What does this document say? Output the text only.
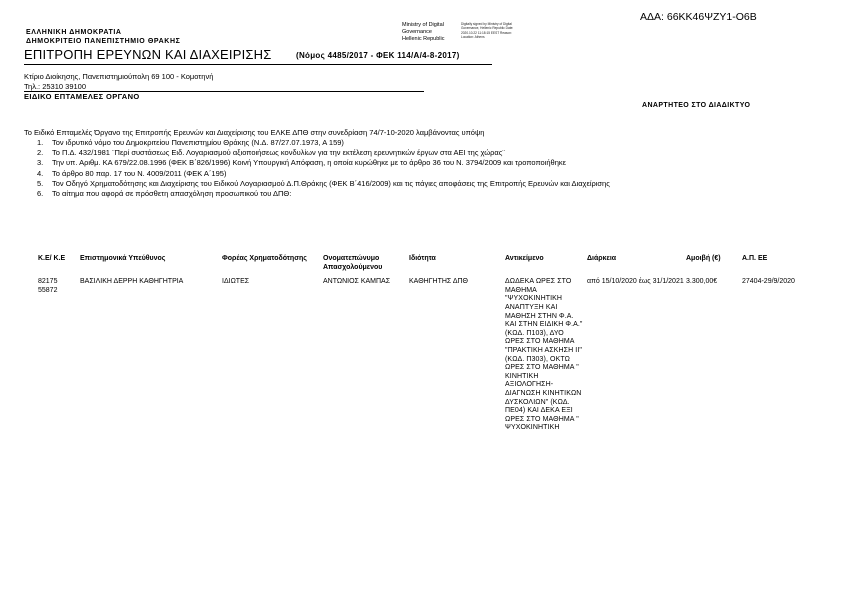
ΑΔΑ: 66ΚΚ46ΨΖΥ1-Ο6Β
ΕΛΛΗΝΙΚΗ ΔΗΜΟΚΡΑΤΙΑ
ΔΗΜΟΚΡΙΤΕΙΟ ΠΑΝΕΠΙΣΤΗΜΙΟ ΘΡΑΚΗΣ
ΕΠΙΤΡΟΠΗ ΕΡΕΥΝΩΝ ΚΑΙ ΔΙΑΧΕΙΡΙΣΗΣ	(Νόμος 4485/2017 - ΦΕΚ 114/Α/4-8-2017)
Ministry of Digital
Governance
Hellenic Republic
Digitally signed by Ministry of Digital Governance, Hellenic Republic Date: 2020.10.22 11:18:15 EEST Reason: Location: Athens
Κτίριο Διοίκησης, Πανεπιστημιούπολη 69 100 - Κομοτηνή
Τηλ.: 25310 39100
ΕΙΔΙΚΟ ΕΠΤΑΜΕΛΕΣ ΟΡΓΑΝΟ
ΑΝΑΡΤΗΤΕΟ ΣΤΟ ΔΙΑΔΙΚΤΥΟ
Το Ειδικό Επταμελές Όργανο της Επιτροπής Ερευνών και Διαχείρισης του ΕΛΚΕ ΔΠΘ στην συνεδρίαση 74/7-10-2020 λαμβάνοντας υπόψη
1. Τον ιδρυτικό νόμο του Δημοκριτείου Πανεπιστημίου Θράκης (Ν.Δ. 87/27.07.1973, Α 159)
2. Το Π.Δ. 432/1981 ¨Περί συστάσεως Ειδ. Λογαριασμού αξιοποιήσεως κονδυλίων για την εκτέλεση ερευνητικών έργων στα ΑΕΙ της χώρας¨
3. Την υπ. Αριθμ. ΚΑ 679/22.08.1996 (ΦΕΚ Β΄826/1996) Κοινή Υπουργική Απόφαση, η οποία κυρώθηκε με το άρθρο 36 του Ν. 3794/2009 και τροποποιήθηκε
4. Το άρθρο 80 παρ. 17 του Ν. 4009/2011 (ΦΕΚ Α΄195)
5. Τον Οδηγό Χρηματοδότησης και Διαχείρισης του Ειδικού Λογαριασμού Δ.Π.Θράκης (ΦΕΚ Β΄416/2009) και τις πάγιες αποφάσεις της Επιτροπής Ερευνών και Διαχείρισης
6. Το αίτημα που αφορά σε πρόσθετη απασχόληση προσωπικού του ΔΠΘ:
Κ.Ε/ Κ.Ε	Επιστημονικά Υπεύθυνος	Φορέας Χρηματοδότησης	Ονοματεπώνυμο Απασχολούμενου	Ιδιότητα	Αντικείμενο	Διάρκεια	Αμοιβή (€)	Α.Π. ΕΕ
82175 55872	ΒΑΣΙΛΙΚΗ ΔΕΡΡΗ ΚΑΘΗΓΗΤΡΙΑ	ΙΔΙΩΤΕΣ	ΑΝΤΩΝΙΟΣ ΚΑΜΠΑΣ	ΚΑΘΗΓΗΤΗΣ ΔΠΘ	ΔΩΔΕΚΑ ΩΡΕΣ ΣΤΟ ΜΑΘΗΜΑ "ΨΥΧΟΚΙΝΗΤΙΚΗ ΑΝΑΠΤΥΞΗ ΚΑΙ ΜΑΘΗΣΗ ΣΤΗΝ Φ.Α. ΚΑΙ ΣΤΗΝ ΕΙΔΙΚΗ Φ.Α." (ΚΩΔ. Π103), ΔΥΟ ΩΡΕΣ ΣΤΟ ΜΑΘΗΜΑ "ΠΡΑΚΤΙΚΗ ΑΣΚΗΣΗ ΙΙ" (ΚΩΔ. Π303), ΟΚΤΩ ΩΡΕΣ ΣΤΟ ΜΑΘΗΜΑ " ΚΙΝΗΤΙΚΗ ΑΞΙΟΛΟΓΗΣΗ-ΔΙΑΓΝΩΣΗ ΚΙΝΗΤΙΚΩΝ ΔΥΣΚΟΛΙΩΝ" (ΚΩΔ. ΠΕ04) ΚΑΙ ΔΕΚΑ ΕΞΙ ΩΡΕΣ ΣΤΟ ΜΑΘΗΜΑ " ΨΥΧΟΚΙΝΗΤΙΚΗ	από 15/10/2020 έως 31/1/2021	3.300,00€	27404-29/9/2020
